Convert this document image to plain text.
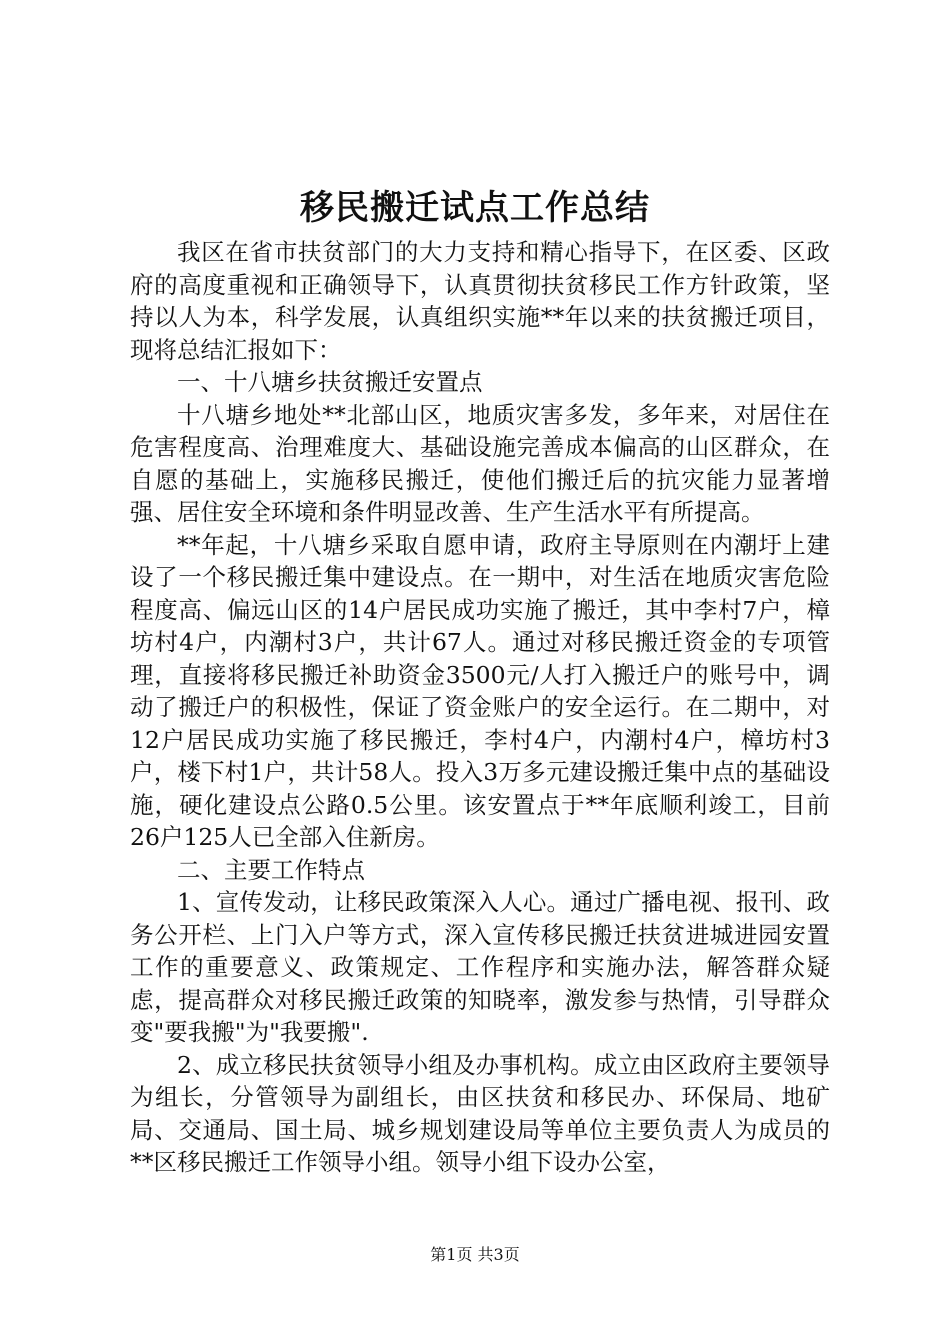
移民搬迁试点工作总结

我区在省市扶贫部门的大力支持和精心指导下，在区委、区政府的高度重视和正确领导下，认真贯彻扶贫移民工作方针政策，坚持以人为本，科学发展，认真组织实施**年以来的扶贫搬迁项目，现将总结汇报如下：

一、十八塘乡扶贫搬迁安置点

十八塘乡地处**北部山区，地质灾害多发，多年来，对居住在危害程度高、治理难度大、基础设施完善成本偏高的山区群众，在自愿的基础上，实施移民搬迁，使他们搬迁后的抗灾能力显著增强、居住安全环境和条件明显改善、生产生活水平有所提高。

**年起，十八塘乡采取自愿申请，政府主导原则在内潮圩上建设了一个移民搬迁集中建设点。在一期中，对生活在地质灾害危险程度高、偏远山区的14户居民成功实施了搬迁，其中李村7户，樟坊村4户，内潮村3户，共计67人。通过对移民搬迁资金的专项管理，直接将移民搬迁补助资金3500元/人打入搬迁户的账号中，调动了搬迁户的积极性，保证了资金账户的安全运行。在二期中，对12户居民成功实施了移民搬迁，李村4户，内潮村4户，樟坊村3户，楼下村1户，共计58人。投入3万多元建设搬迁集中点的基础设施，硬化建设点公路0.5公里。该安置点于**年底顺利竣工，目前26户125人已全部入住新房。

二、主要工作特点

1、宣传发动，让移民政策深入人心。通过广播电视、报刊、政务公开栏、上门入户等方式，深入宣传移民搬迁扶贫进城进园安置工作的重要意义、政策规定、工作程序和实施办法，解答群众疑虑，提高群众对移民搬迁政策的知晓率，激发参与热情，引导群众变"要我搬"为"我要搬".

2、成立移民扶贫领导小组及办事机构。成立由区政府主要领导为组长，分管领导为副组长，由区扶贫和移民办、环保局、地矿局、交通局、国土局、城乡规划建设局等单位主要负责人为成员的**区移民搬迁工作领导小组。领导小组下设办公室，

第1页 共3页
